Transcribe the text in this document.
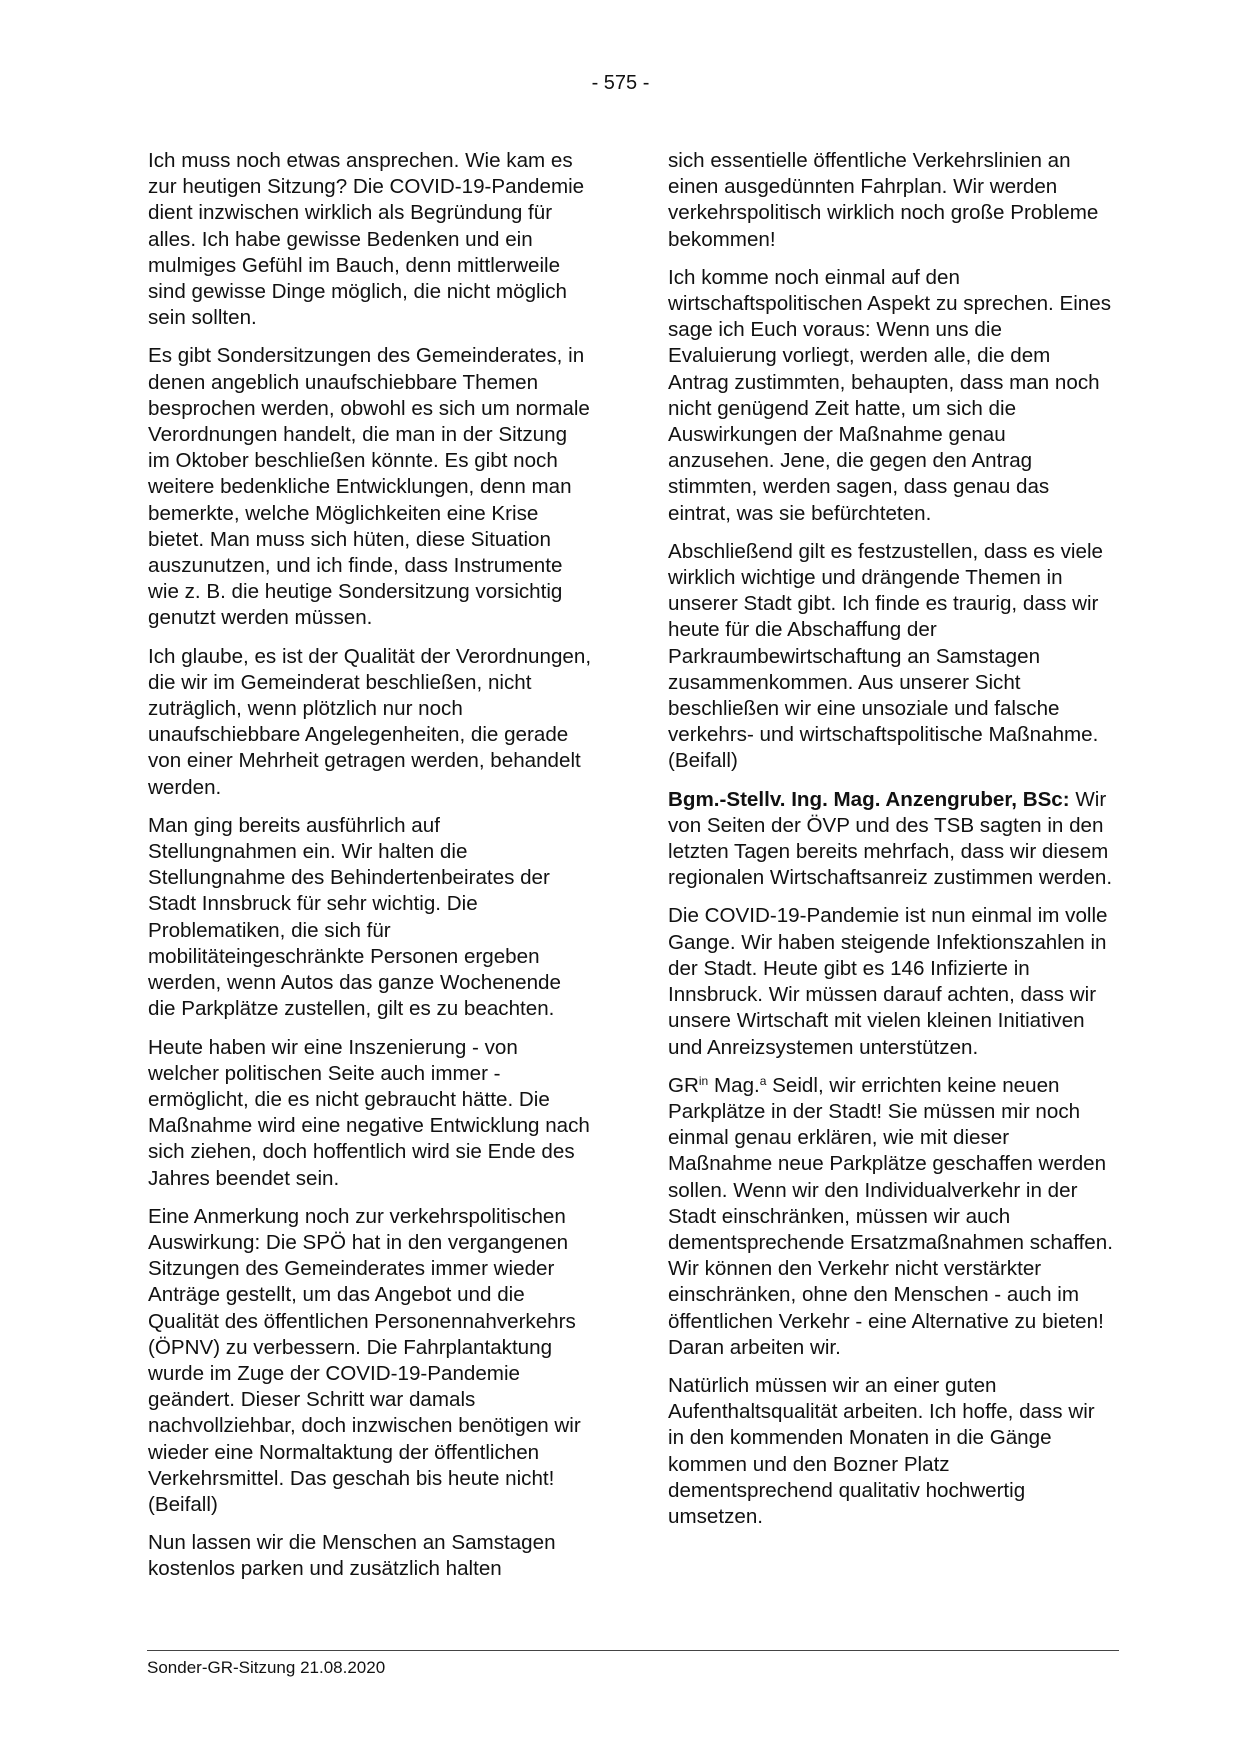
- 575 -

Ich muss noch etwas ansprechen. Wie kam es zur heutigen Sitzung? Die COVID-19-Pandemie dient inzwischen wirklich als Begründung für alles. Ich habe gewisse Bedenken und ein mulmiges Gefühl im Bauch, denn mittlerweile sind gewisse Dinge möglich, die nicht möglich sein sollten.

Es gibt Sondersitzungen des Gemeinderates, in denen angeblich unaufschiebbare Themen besprochen werden, obwohl es sich um normale Verordnungen handelt, die man in der Sitzung im Oktober beschließen könnte. Es gibt noch weitere bedenkliche Entwicklungen, denn man bemerkte, welche Möglichkeiten eine Krise bietet. Man muss sich hüten, diese Situation auszunutzen, und ich finde, dass Instrumente wie z. B. die heutige Sondersitzung vorsichtig genutzt werden müssen.

Ich glaube, es ist der Qualität der Verordnungen, die wir im Gemeinderat beschließen, nicht zuträglich, wenn plötzlich nur noch unaufschiebbare Angelegenheiten, die gerade von einer Mehrheit getragen werden, behandelt werden.

Man ging bereits ausführlich auf Stellungnahmen ein. Wir halten die Stellungnahme des Behindertenbeirates der Stadt Innsbruck für sehr wichtig. Die Problematiken, die sich für mobilitäteingeschränkte Personen ergeben werden, wenn Autos das ganze Wochenende die Parkplätze zustellen, gilt es zu beachten.

Heute haben wir eine Inszenierung - von welcher politischen Seite auch immer - ermöglicht, die es nicht gebraucht hätte. Die Maßnahme wird eine negative Entwicklung nach sich ziehen, doch hoffentlich wird sie Ende des Jahres beendet sein.

Eine Anmerkung noch zur verkehrspolitischen Auswirkung: Die SPÖ hat in den vergangenen Sitzungen des Gemeinderates immer wieder Anträge gestellt, um das Angebot und die Qualität des öffentlichen Personennahverkehrs (ÖPNV) zu verbessern. Die Fahrplantaktung wurde im Zuge der COVID-19-Pandemie geändert. Dieser Schritt war damals nachvollziehbar, doch inzwischen benötigen wir wieder eine Normaltaktung der öffentlichen Verkehrsmittel. Das geschah bis heute nicht! (Beifall)

Nun lassen wir die Menschen an Samstagen kostenlos parken und zusätzlich halten

sich essentielle öffentliche Verkehrslinien an einen ausgedünnten Fahrplan. Wir werden verkehrspolitisch wirklich noch große Probleme bekommen!

Ich komme noch einmal auf den wirtschaftspolitischen Aspekt zu sprechen. Eines sage ich Euch voraus: Wenn uns die Evaluierung vorliegt, werden alle, die dem Antrag zustimmten, behaupten, dass man noch nicht genügend Zeit hatte, um sich die Auswirkungen der Maßnahme genau anzusehen. Jene, die gegen den Antrag stimmten, werden sagen, dass genau das eintrat, was sie befürchteten.

Abschließend gilt es festzustellen, dass es viele wirklich wichtige und drängende Themen in unserer Stadt gibt. Ich finde es traurig, dass wir heute für die Abschaffung der Parkraumbewirtschaftung an Samstagen zusammenkommen. Aus unserer Sicht beschließen wir eine unsoziale und falsche verkehrs- und wirtschaftspolitische Maßnahme. (Beifall)

Bgm.-Stellv. Ing. Mag. Anzengruber, BSc: Wir von Seiten der ÖVP und des TSB sagten in den letzten Tagen bereits mehrfach, dass wir diesem regionalen Wirtschaftsanreiz zustimmen werden.

Die COVID-19-Pandemie ist nun einmal im volle Gange. Wir haben steigende Infektionszahlen in der Stadt. Heute gibt es 146 Infizierte in Innsbruck. Wir müssen darauf achten, dass wir unsere Wirtschaft mit vielen kleinen Initiativen und Anreizsystemen unterstützen.

$GR^{in}$ Mag.$^a$ Seidl, wir errichten keine neuen Parkplätze in der Stadt! Sie müssen mir noch einmal genau erklären, wie mit dieser Maßnahme neue Parkplätze geschaffen werden sollen. Wenn wir den Individualverkehr in der Stadt einschränken, müssen wir auch dementsprechende Ersatzmaßnahmen schaffen. Wir können den Verkehr nicht verstärkter einschränken, ohne den Menschen - auch im öffentlichen Verkehr - eine Alternative zu bieten! Daran arbeiten wir.

Natürlich müssen wir an einer guten Aufenthaltsqualität arbeiten. Ich hoffe, dass wir in den kommenden Monaten in die Gänge kommen und den Bozner Platz dementsprechend qualitativ hochwertig umsetzen.

Sonder-GR-Sitzung 21.08.2020
